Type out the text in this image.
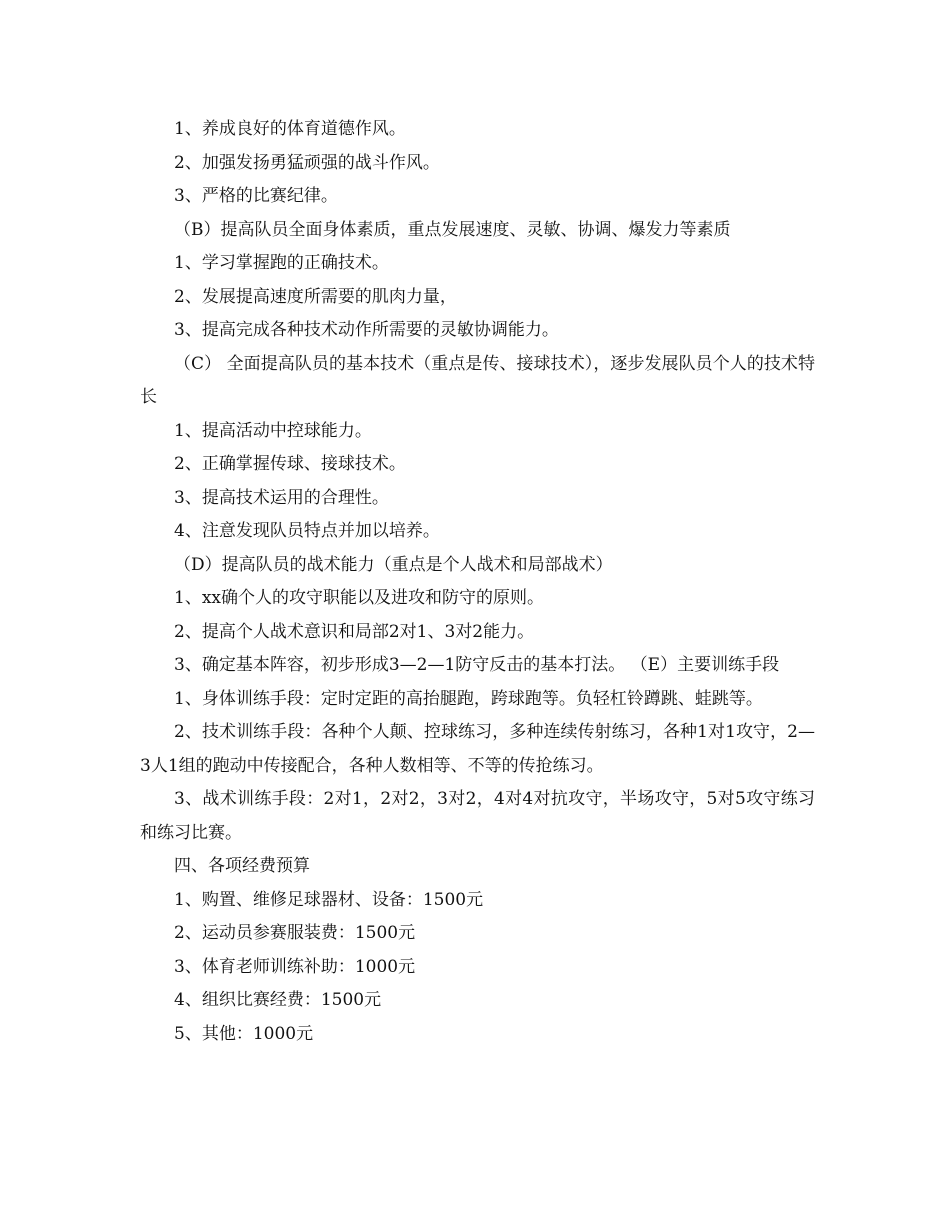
1、养成良好的体育道德作风。

2、加强发扬勇猛顽强的战斗作风。

3、严格的比赛纪律。

（B）提高队员全面身体素质，重点发展速度、灵敏、协调、爆发力等素质

1、学习掌握跑的正确技术。

2、发展提高速度所需要的肌肉力量，

3、提高完成各种技术动作所需要的灵敏协调能力。

（C） 全面提高队员的基本技术（重点是传、接球技术），逐步发展队员个人的技术特长

1、提高活动中控球能力。

2、正确掌握传球、接球技术。

3、提高技术运用的合理性。

4、注意发现队员特点并加以培养。

（D）提高队员的战术能力（重点是个人战术和局部战术）

1、xx确个人的攻守职能以及进攻和防守的原则。

2、提高个人战术意识和局部2对1、3对2能力。

3、确定基本阵容，初步形成3—2—1防守反击的基本打法。 （E）主要训练手段

1、身体训练手段：定时定距的高抬腿跑，跨球跑等。负轻杠铃蹲跳、蛙跳等。

2、技术训练手段：各种个人颠、控球练习，多种连续传射练习，各种1对1攻守，2—3人1组的跑动中传接配合，各种人数相等、不等的传抢练习。

3、战术训练手段：2对1，2对2，3对2，4对4对抗攻守，半场攻守，5对5攻守练习和练习比赛。

四、各项经费预算

1、购置、维修足球器材、设备：1500元

2、运动员参赛服装费：1500元

3、体育老师训练补助：1000元

4、组织比赛经费：1500元

5、其他：1000元
